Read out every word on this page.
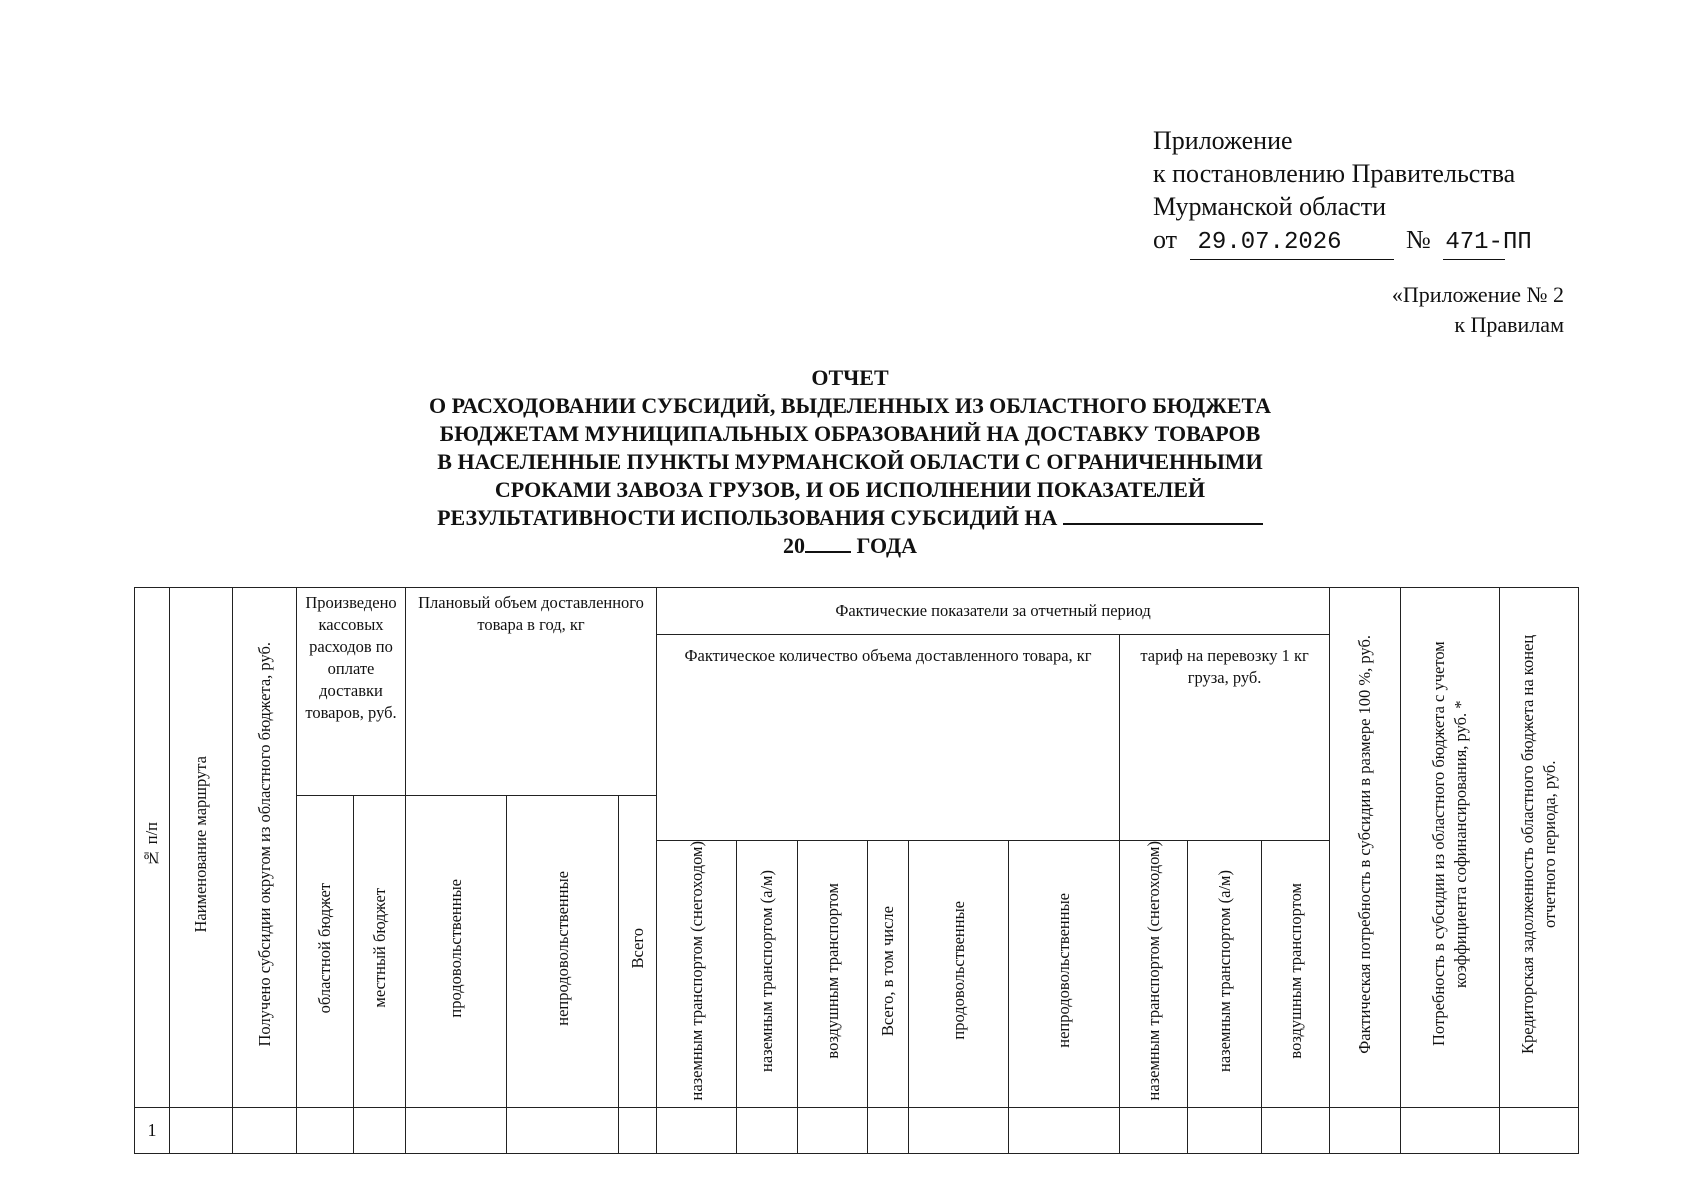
Приложение
к постановлению Правительства
Мурманской области
от 29.07.2026 № 471-ПП
«Приложение № 2
к Правилам
ОТЧЕТ
О РАСХОДОВАНИИ СУБСИДИЙ, ВЫДЕЛЕННЫХ ИЗ ОБЛАСТНОГО БЮДЖЕТА
БЮДЖЕТАМ МУНИЦИПАЛЬНЫХ ОБРАЗОВАНИЙ НА ДОСТАВКУ ТОВАРОВ
В НАСЕЛЕННЫЕ ПУНКТЫ МУРМАНСКОЙ ОБЛАСТИ С ОГРАНИЧЕННЫМИ
СРОКАМИ ЗАВОЗА ГРУЗОВ, И ОБ ИСПОЛНЕНИИ ПОКАЗАТЕЛЕЙ
РЕЗУЛЬТАТИВНОСТИ ИСПОЛЬЗОВАНИЯ СУБСИДИЙ НА
20 ГОДА
№ п/п	Наименование маршрута	Получено субсидии округом из областного бюджета, руб.	Произведено кассовых расходов по оплате доставки товаров, руб.		Плановый объем доставленного товара в год, кг			Фактические показатели за отчетный период									Фактическая потребность в субсидии в размере 100 %, руб.	Потребность в субсидии из областного бюджета с учетом коэффициента софинансирования, руб. *	Кредиторская задолженность областного бюджета на конец отчетного периода, руб.
								Фактическое количество объема доставленного товара, кг						тариф на перевозку 1 кг груза, руб.					
			областной бюджет	местный бюджет	продовольственные	непродовольственные	Всего												
								наземным транспортом (снегоходом)	наземным транспортом (а/м)	воздушным транспортом	Всего, в том числе	продовольственные	непродовольственные	наземным транспортом (снегоходом)	наземным транспортом (а/м)	воздушным транспортом			
1																			
